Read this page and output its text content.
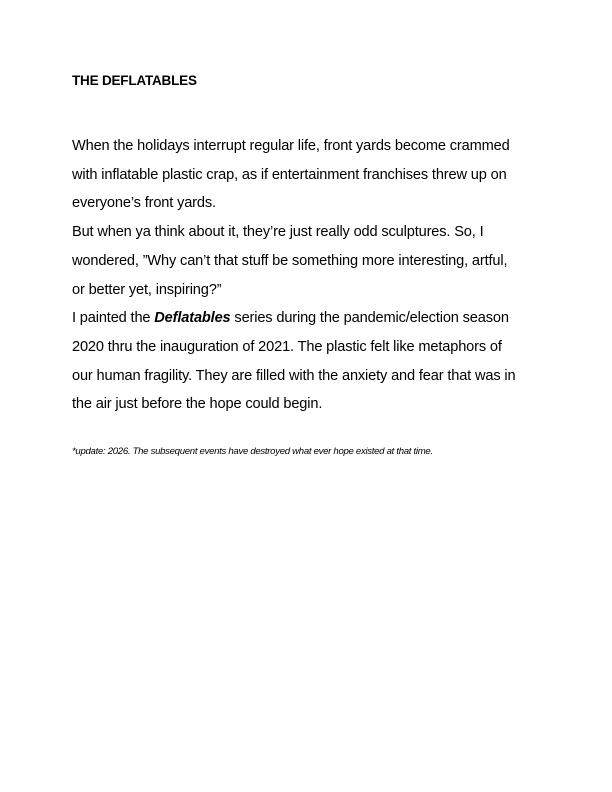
THE DEFLATABLES
When the holidays interrupt regular life, front yards become crammed
with inflatable plastic crap, as if entertainment franchises threw up on
everyone’s front yards.
But when ya think about it, they’re just really odd sculptures. So, I
wondered, ”Why can’t that stuff be something more interesting, artful,
or better yet, inspiring?”
I painted the Deflatables series during the pandemic/election season
2020 thru the inauguration of 2021. The plastic felt like metaphors of
our human fragility. They are filled with the anxiety and fear that was in
the air just before the hope could begin.

*update: 2026. The subsequent events have destroyed what ever hope existed at that time.
